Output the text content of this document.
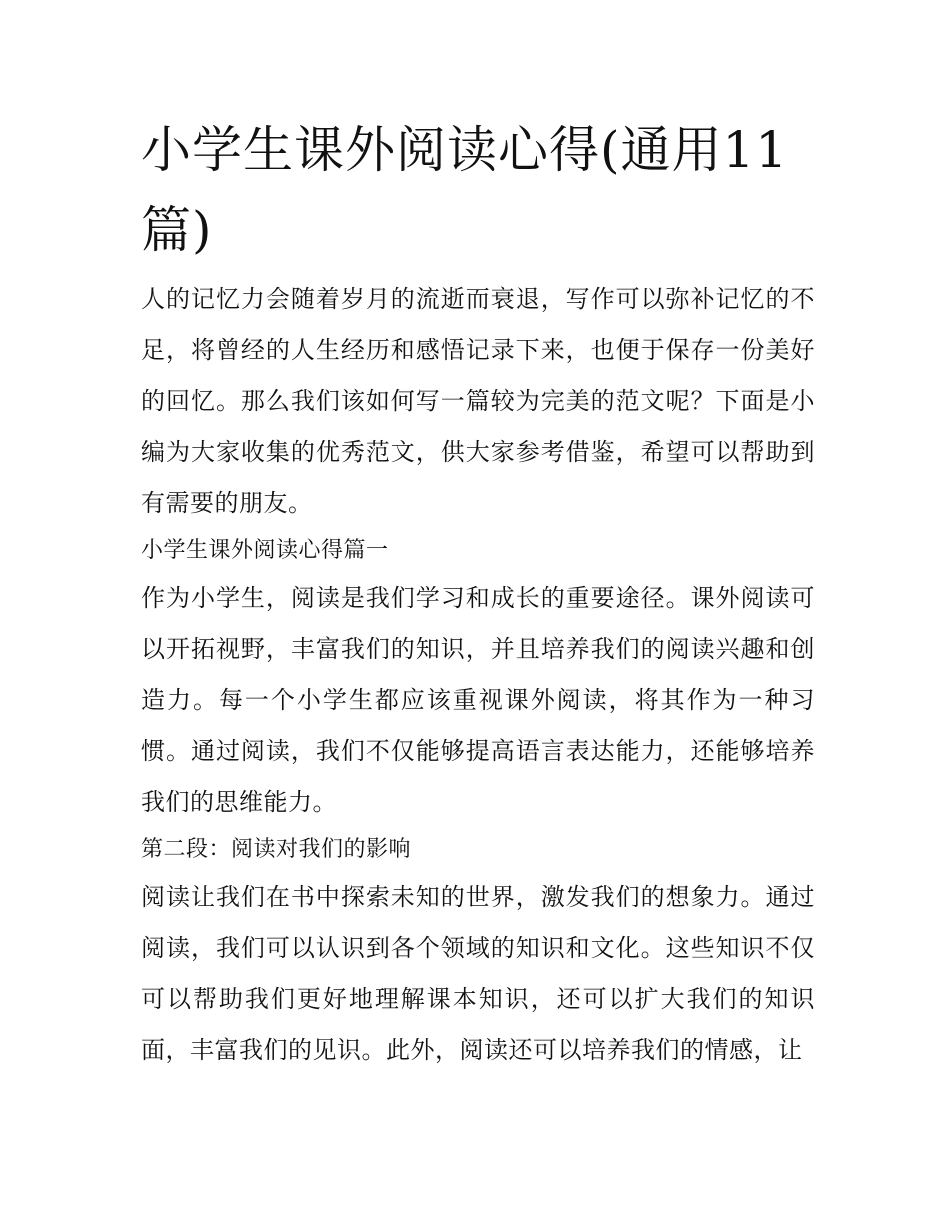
小学生课外阅读心得(通用11篇)

人的记忆力会随着岁月的流逝而衰退，写作可以弥补记忆的不足，将曾经的人生经历和感悟记录下来，也便于保存一份美好的回忆。那么我们该如何写一篇较为完美的范文呢？下面是小编为大家收集的优秀范文，供大家参考借鉴，希望可以帮助到有需要的朋友。

小学生课外阅读心得篇一

作为小学生，阅读是我们学习和成长的重要途径。课外阅读可以开拓视野，丰富我们的知识，并且培养我们的阅读兴趣和创造力。每一个小学生都应该重视课外阅读，将其作为一种习惯。通过阅读，我们不仅能够提高语言表达能力，还能够培养我们的思维能力。

第二段：阅读对我们的影响

阅读让我们在书中探索未知的世界，激发我们的想象力。通过阅读，我们可以认识到各个领域的知识和文化。这些知识不仅可以帮助我们更好地理解课本知识，还可以扩大我们的知识面，丰富我们的见识。此外，阅读还可以培养我们的情感，让
